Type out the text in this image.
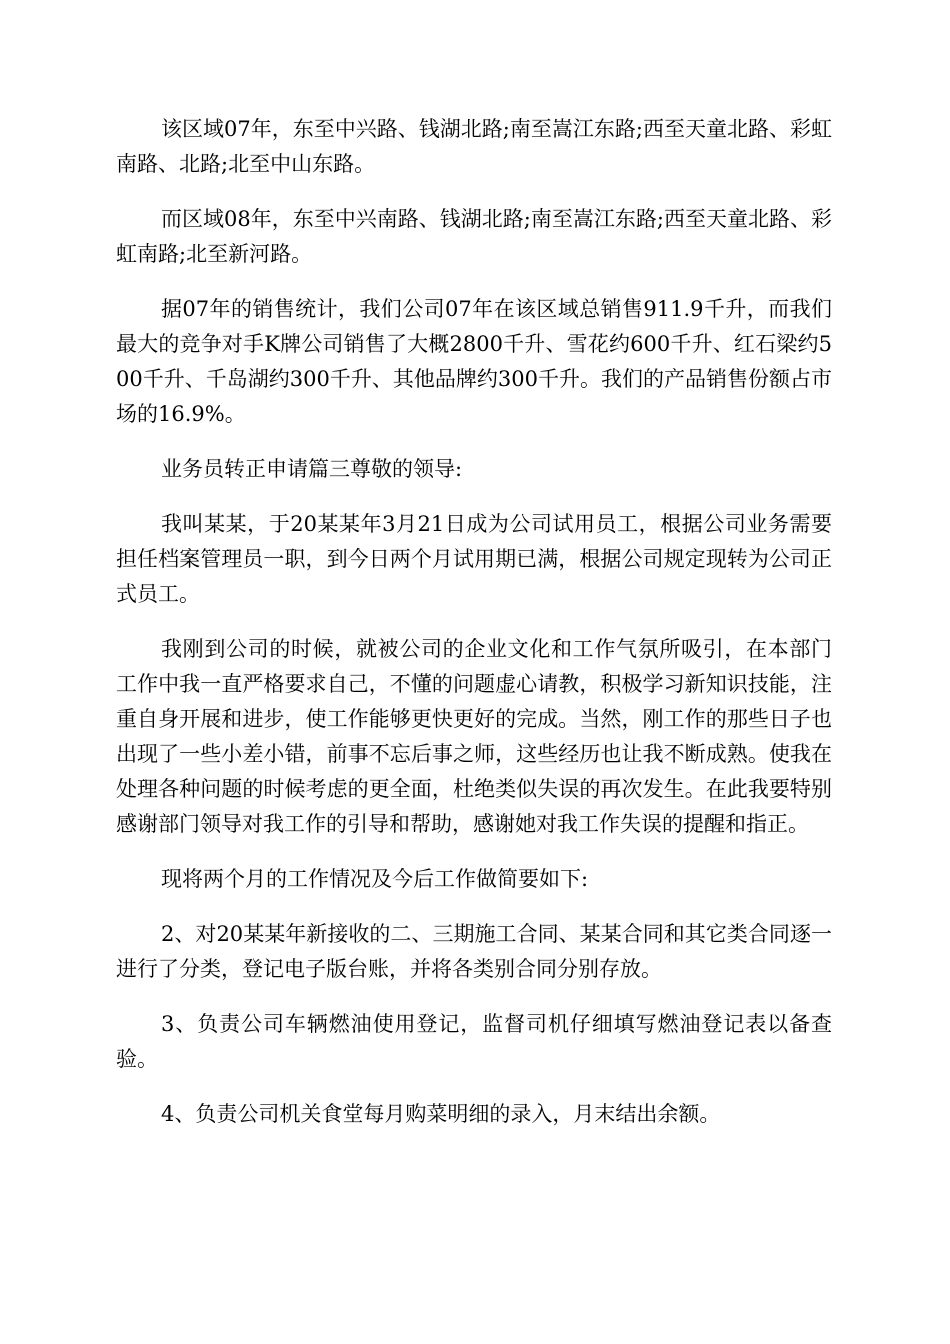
该区域07年，东至中兴路、钱湖北路;南至嵩江东路;西至天童北路、彩虹南路、北路;北至中山东路。

而区域08年，东至中兴南路、钱湖北路;南至嵩江东路;西至天童北路、彩虹南路;北至新河路。

据07年的销售统计，我们公司07年在该区域总销售911.9千升，而我们最大的竞争对手K牌公司销售了大概2800千升、雪花约600千升、红石梁约500千升、千岛湖约300千升、其他品牌约300千升。我们的产品销售份额占市场的16.9%。

业务员转正申请篇三尊敬的领导:

我叫某某，于20某某年3月21日成为公司试用员工，根据公司业务需要担任档案管理员一职，到今日两个月试用期已满，根据公司规定现转为公司正式员工。

我刚到公司的时候，就被公司的企业文化和工作气氛所吸引，在本部门工作中我一直严格要求自己，不懂的问题虚心请教，积极学习新知识技能，注重自身开展和进步，使工作能够更快更好的完成。当然，刚工作的那些日子也出现了一些小差小错，前事不忘后事之师，这些经历也让我不断成熟。使我在处理各种问题的时候考虑的更全面，杜绝类似失误的再次发生。在此我要特别感谢部门领导对我工作的引导和帮助，感谢她对我工作失误的提醒和指正。

现将两个月的工作情况及今后工作做简要如下:

2、对20某某年新接收的二、三期施工合同、某某合同和其它类合同逐一进行了分类，登记电子版台账，并将各类别合同分别存放。

3、负责公司车辆燃油使用登记，监督司机仔细填写燃油登记表以备查验。

4、负责公司机关食堂每月购菜明细的录入，月末结出余额。
